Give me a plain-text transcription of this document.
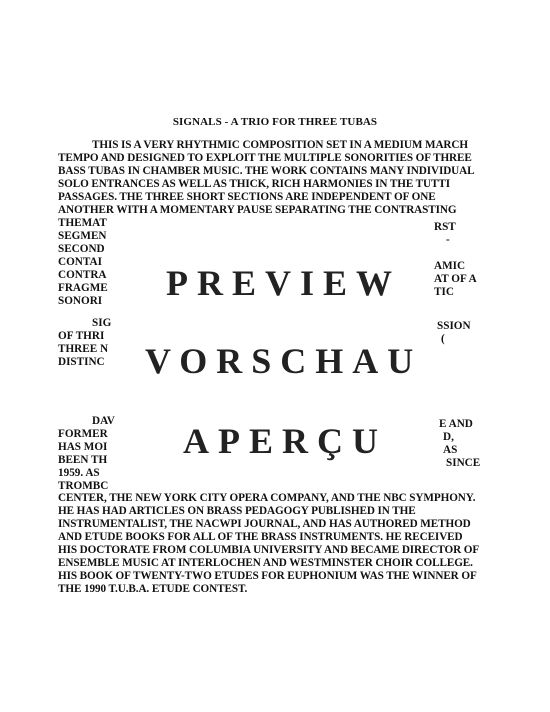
SIGNALS - A TRIO FOR THREE TUBAS
THIS IS A VERY RHYTHMIC COMPOSITION SET IN A MEDIUM MARCH
TEMPO AND DESIGNED TO EXPLOIT THE MULTIPLE SONORITIES OF THREE
BASS TUBAS IN CHAMBER MUSIC. THE WORK CONTAINS MANY INDIVIDUAL
SOLO ENTRANCES AS WELL AS THICK, RICH HARMONIES IN THE TUTTI
PASSAGES. THE THREE SHORT SECTIONS ARE INDEPENDENT OF ONE
ANOTHER WITH A MOMENTARY PAUSE SEPARATING THE CONTRASTING
THEMAT
SEGMEN
SECOND
CONTAI
CONTRA
FRAGME
SONORI
RST
-
AMIC
AT OF A
TIC
SIG
OF THRI
THREE N
DISTINC
SSION
(
DAV
FORMER
HAS MOI
BEEN TH
1959. AS
TROMBC
E AND
D,
AS
SINCE
CENTER, THE NEW YORK CITY OPERA COMPANY, AND THE NBC SYMPHONY.
HE HAS HAD ARTICLES ON BRASS PEDAGOGY PUBLISHED IN THE
INSTRUMENTALIST, THE NACWPI JOURNAL, AND HAS AUTHORED METHOD
AND ETUDE BOOKS FOR ALL OF THE BRASS INSTRUMENTS. HE RECEIVED
HIS DOCTORATE FROM COLUMBIA UNIVERSITY AND BECAME DIRECTOR OF
ENSEMBLE MUSIC AT INTERLOCHEN AND WESTMINSTER CHOIR COLLEGE.
HIS BOOK OF TWENTY-TWO ETUDES FOR EUPHONIUM WAS THE WINNER OF
THE 1990 T.U.B.A. ETUDE CONTEST.
PREVIEW
VORSCHAU
APERÇU
